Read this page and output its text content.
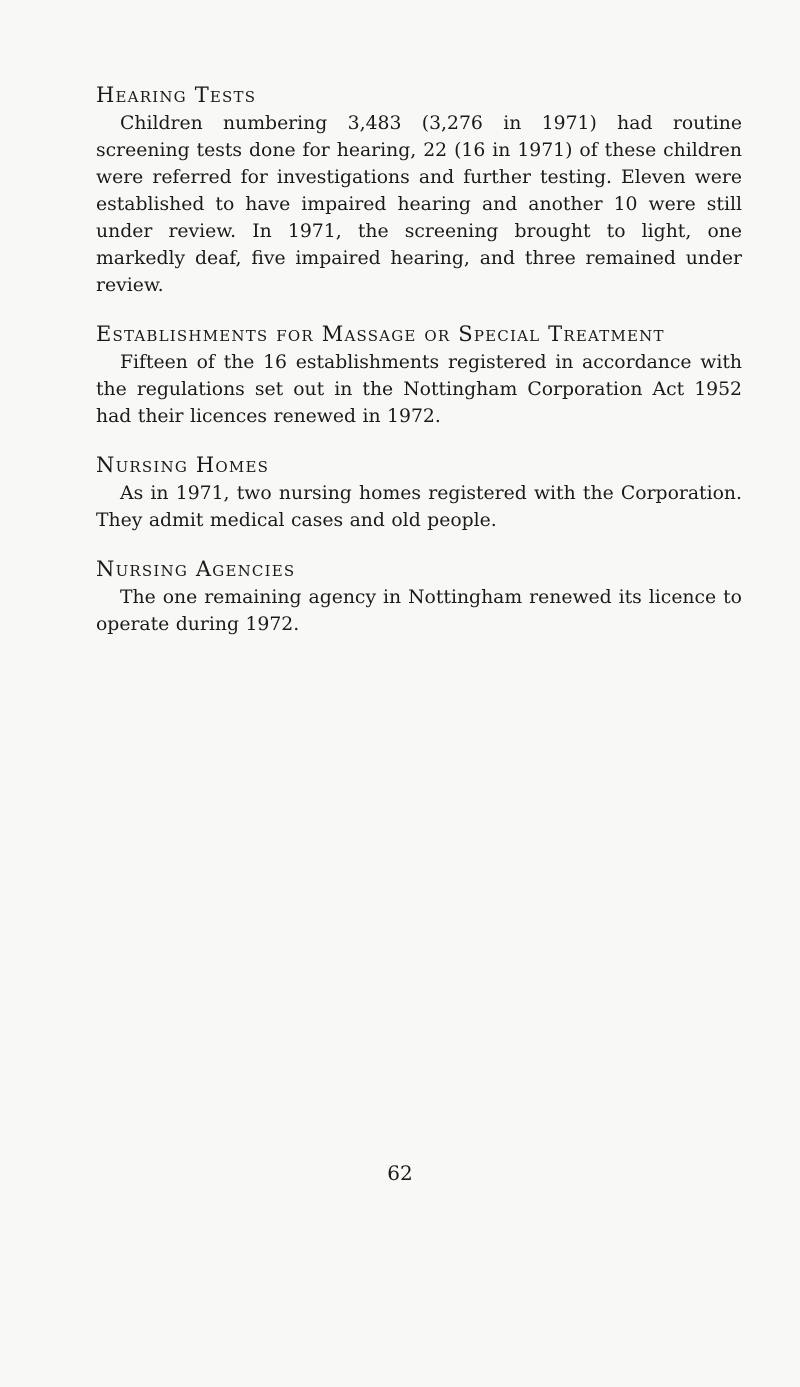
Hearing Tests

Children numbering 3,483 (3,276 in 1971) had routine screening tests done for hearing, 22 (16 in 1971) of these children were referred for investigations and further testing. Eleven were established to have impaired hearing and another 10 were still under review. In 1971, the screening brought to light, one markedly deaf, five impaired hearing, and three remained under review.

Establishments for Massage or Special Treatment

Fifteen of the 16 establishments registered in accordance with the regulations set out in the Nottingham Corporation Act 1952 had their licences renewed in 1972.

Nursing Homes

As in 1971, two nursing homes registered with the Corporation. They admit medical cases and old people.

Nursing Agencies

The one remaining agency in Nottingham renewed its licence to operate during 1972.

62
